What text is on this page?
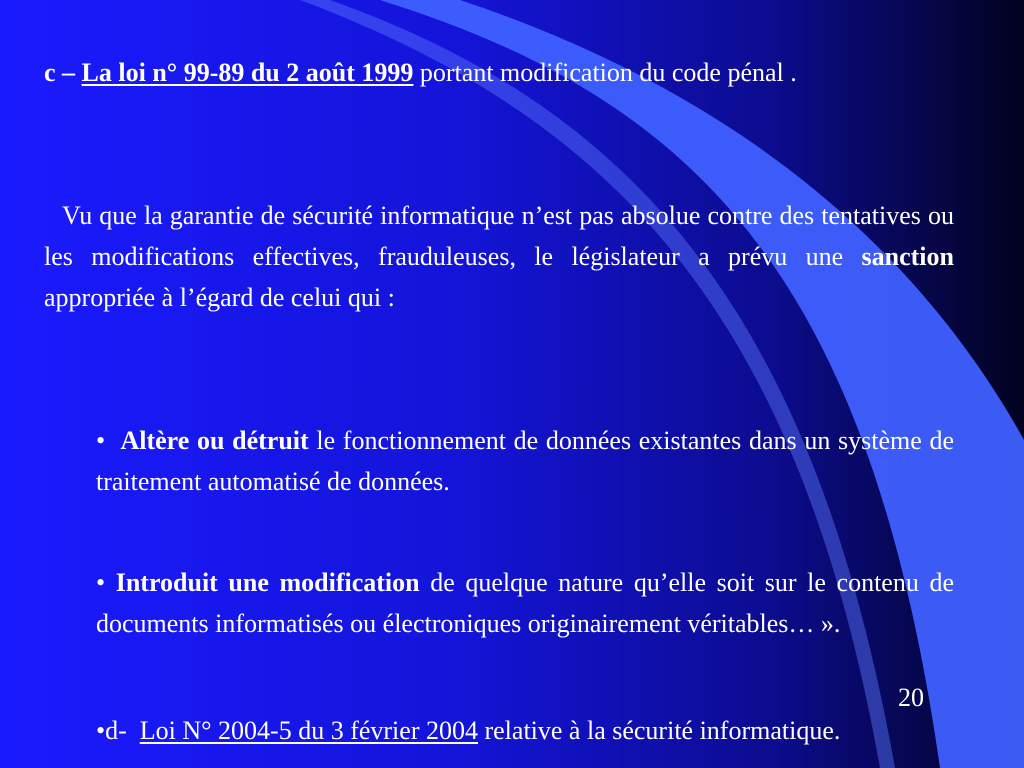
c – La loi n° 99-89 du 2 août 1999 portant modification du code pénal .
Vu que la garantie de sécurité informatique n’est pas absolue contre des tentatives ou les modifications effectives, frauduleuses, le législateur a prévu une sanction appropriée à l’égard de celui qui :
• Altère ou détruit le fonctionnement de données existantes dans un système de traitement automatisé de données.
• Introduit une modification de quelque nature qu’elle soit sur le contenu de documents informatisés ou électroniques originairement véritables… ».
•d- Loi N° 2004-5 du 3 février 2004 relative à la sécurité informatique.
20
